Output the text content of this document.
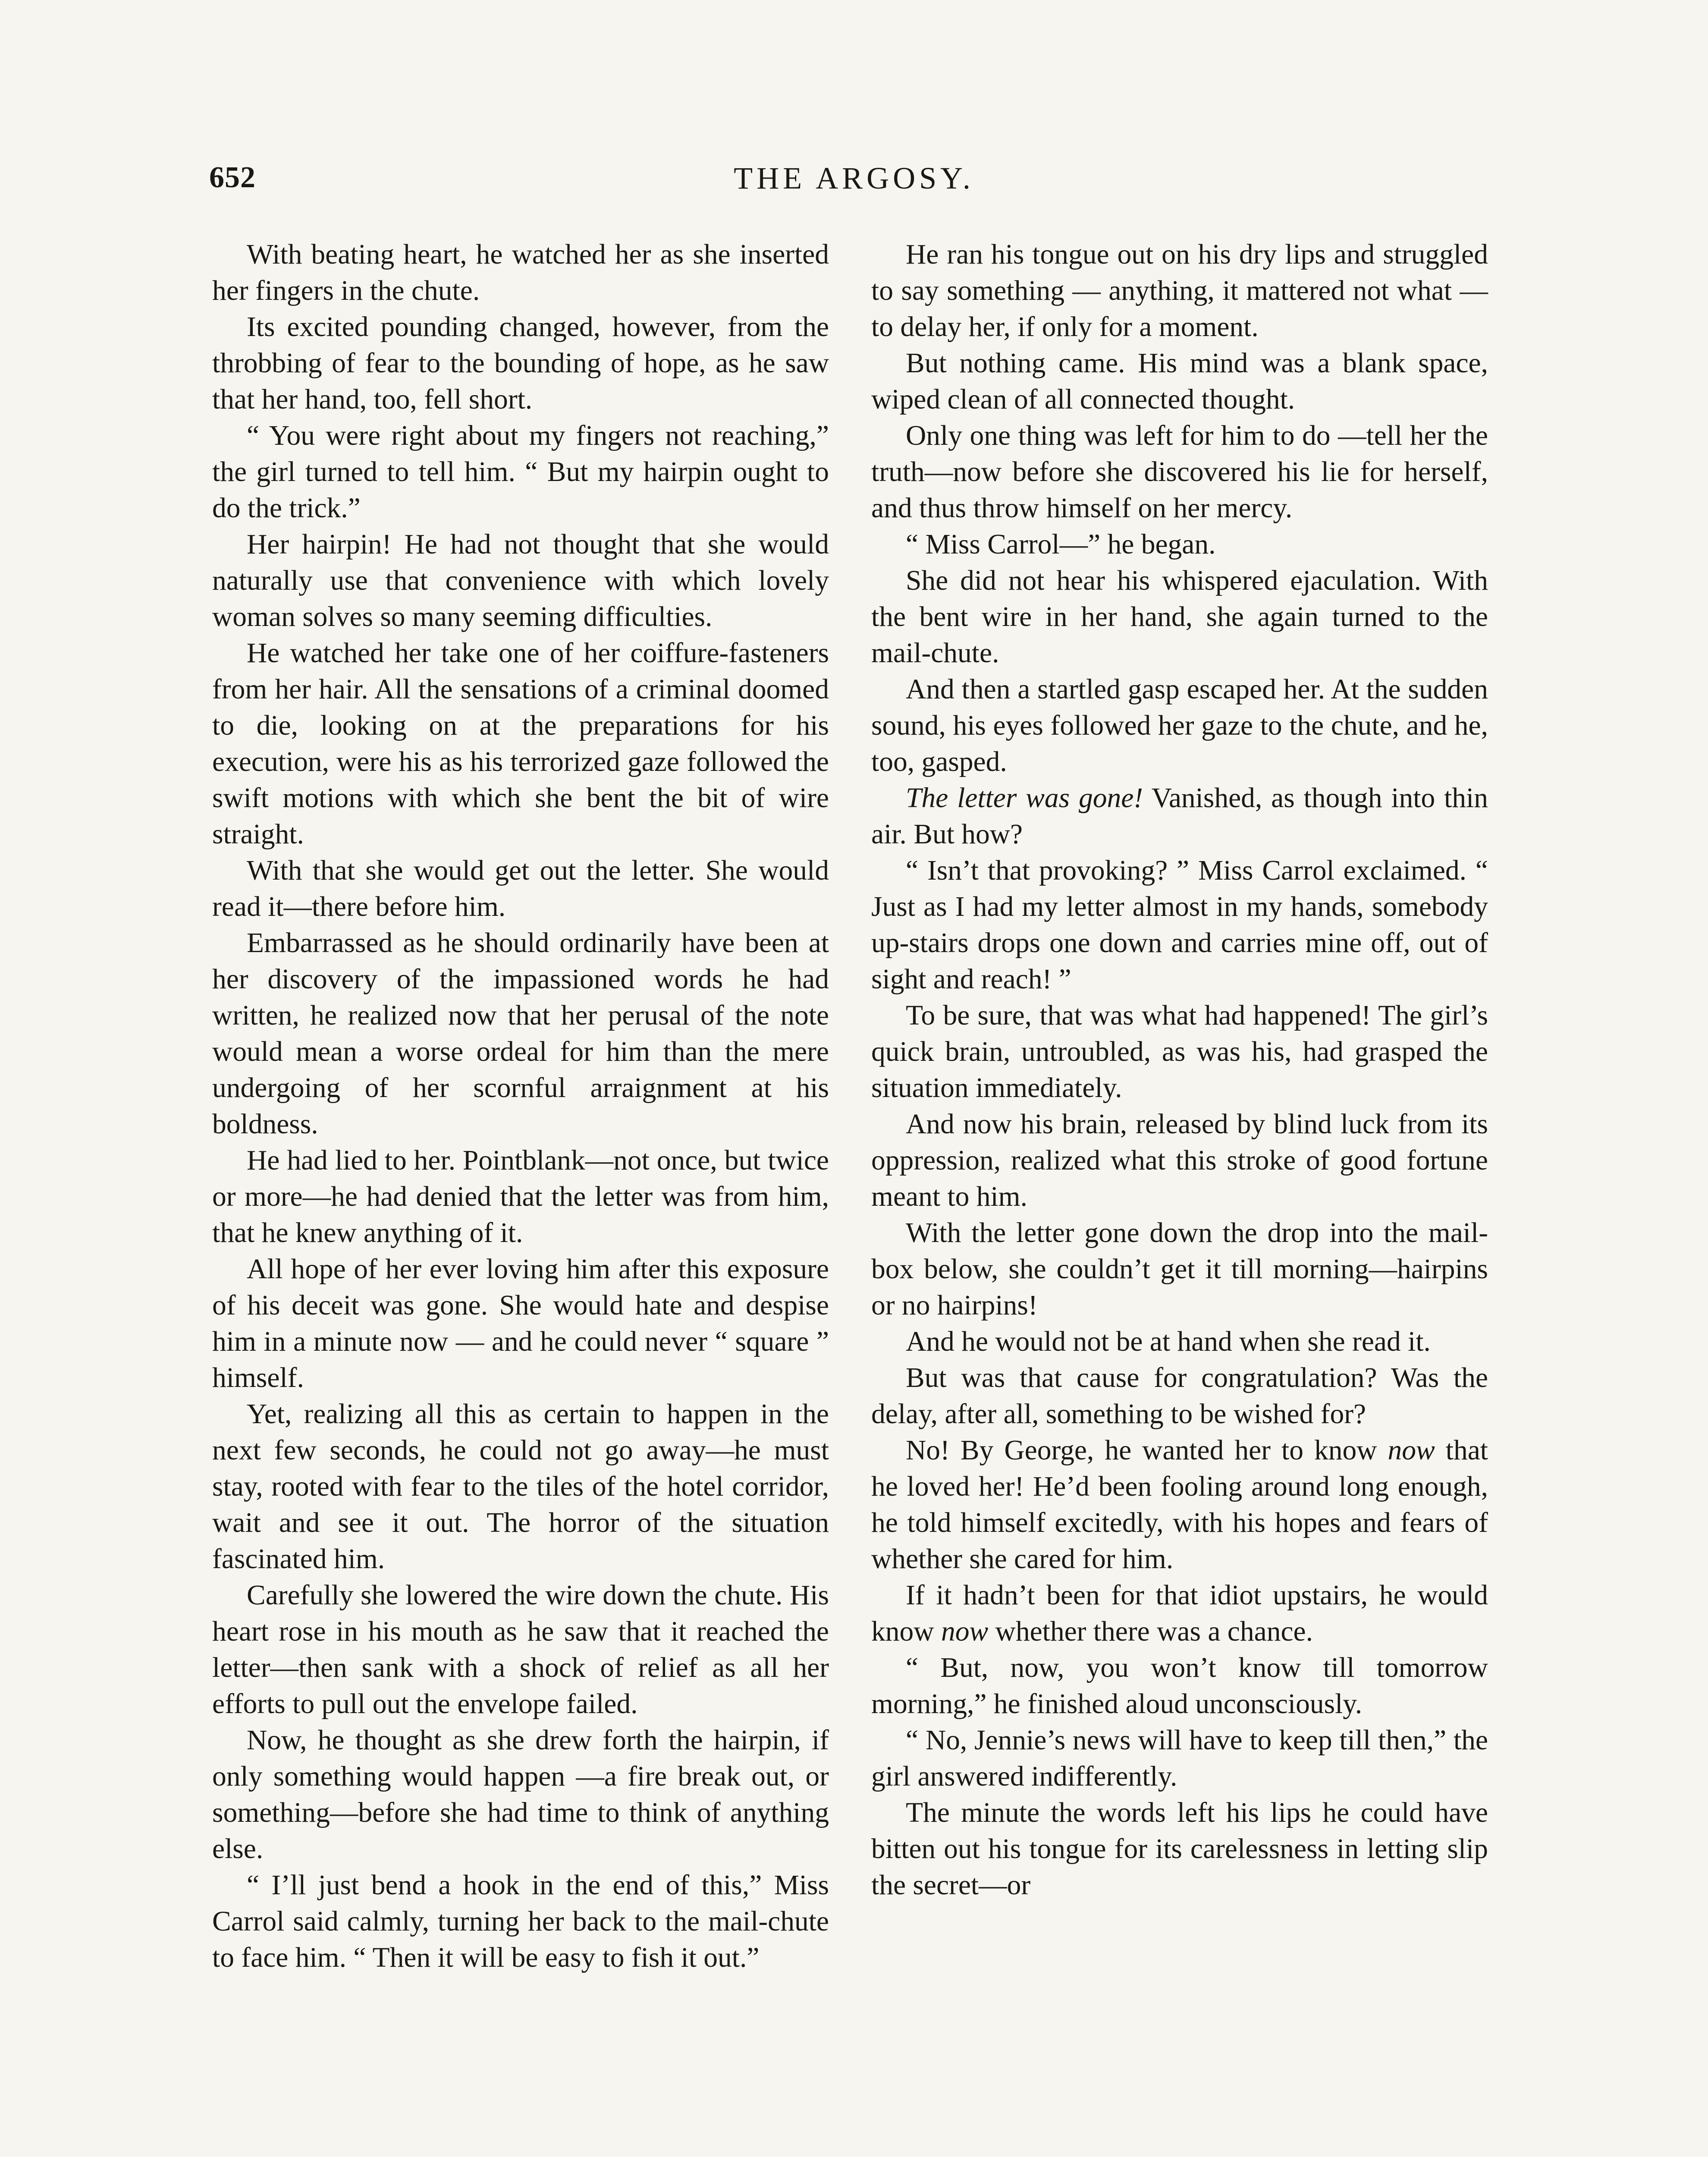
652	THE ARGOSY.

With beating heart, he watched her as she inserted her fingers in the chute.

Its excited pounding changed, however, from the throbbing of fear to the bounding of hope, as he saw that her hand, too, fell short.

“ You were right about my fingers not reaching,” the girl turned to tell him. “ But my hairpin ought to do the trick.”

Her hairpin! He had not thought that she would naturally use that convenience with which lovely woman solves so many seeming difficulties.

He watched her take one of her coiffure-fasteners from her hair. All the sensations of a criminal doomed to die, looking on at the preparations for his execution, were his as his terrorized gaze followed the swift motions with which she bent the bit of wire straight.

With that she would get out the letter. She would read it—there before him.

Embarrassed as he should ordinarily have been at her discovery of the impassioned words he had written, he realized now that her perusal of the note would mean a worse ordeal for him than the mere undergoing of her scornful arraignment at his boldness.

He had lied to her. Pointblank—not once, but twice or more—he had denied that the letter was from him, that he knew anything of it.

All hope of her ever loving him after this exposure of his deceit was gone. She would hate and despise him in a minute now — and he could never “ square ” himself.

Yet, realizing all this as certain to happen in the next few seconds, he could not go away—he must stay, rooted with fear to the tiles of the hotel corridor, wait and see it out. The horror of the situation fascinated him.

Carefully she lowered the wire down the chute. His heart rose in his mouth as he saw that it reached the letter—then sank with a shock of relief as all her efforts to pull out the envelope failed.

Now, he thought as she drew forth the hairpin, if only something would happen —a fire break out, or something—before she had time to think of anything else.

“ I’ll just bend a hook in the end of this,” Miss Carrol said calmly, turning her back to the mail-chute to face him. “ Then it will be easy to fish it out.”

He ran his tongue out on his dry lips and struggled to say something — anything, it mattered not what — to delay her, if only for a moment.

But nothing came. His mind was a blank space, wiped clean of all connected thought.

Only one thing was left for him to do —tell her the truth—now before she discovered his lie for herself, and thus throw himself on her mercy.

“ Miss Carrol—” he began.

She did not hear his whispered ejaculation. With the bent wire in her hand, she again turned to the mail-chute.

And then a startled gasp escaped her. At the sudden sound, his eyes followed her gaze to the chute, and he, too, gasped.

The letter was gone! Vanished, as though into thin air. But how?

“ Isn’t that provoking? ” Miss Carrol exclaimed. “ Just as I had my letter almost in my hands, somebody up-stairs drops one down and carries mine off, out of sight and reach! ”

To be sure, that was what had happened! The girl’s quick brain, untroubled, as was his, had grasped the situation immediately.

And now his brain, released by blind luck from its oppression, realized what this stroke of good fortune meant to him.

With the letter gone down the drop into the mail-box below, she couldn’t get it till morning—hairpins or no hairpins!

And he would not be at hand when she read it.

But was that cause for congratulation? Was the delay, after all, something to be wished for?

No! By George, he wanted her to know now that he loved her! He’d been fooling around long enough, he told himself excitedly, with his hopes and fears of whether she cared for him.

If it hadn’t been for that idiot upstairs, he would know now whether there was a chance.

“ But, now, you won’t know till tomorrow morning,” he finished aloud unconsciously.

“ No, Jennie’s news will have to keep till then,” the girl answered indifferently.

The minute the words left his lips he could have bitten out his tongue for its carelessness in letting slip the secret—or
